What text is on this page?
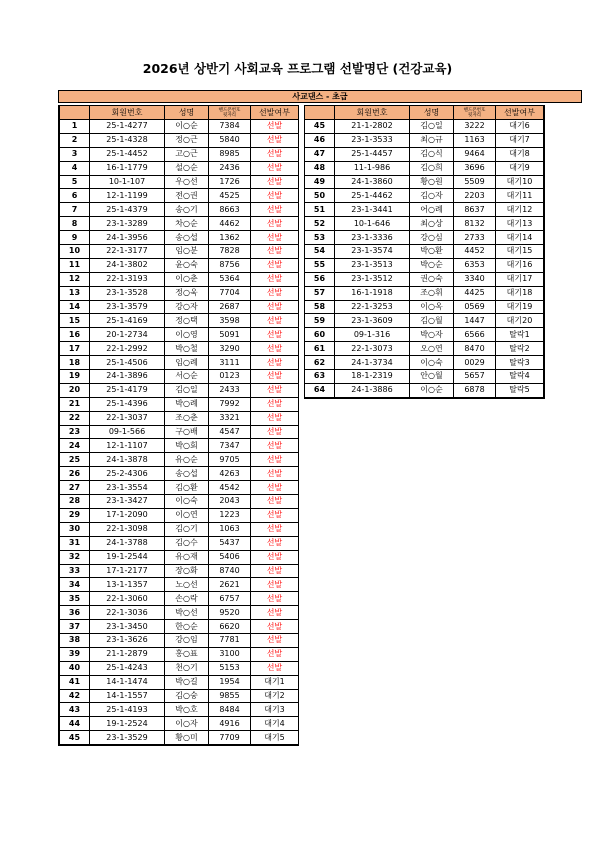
2026년 상반기 사회교육 프로그램 선발명단 (건강교육)
사교댄스 - 초급
	회원번호	성명	핸드폰번호
뒷자리	선발여부
1	25-1-4277	이○순	7384	선발
2	25-1-4328	정○근	5840	선발
3	25-1-4452	고○근	8985	선발
4	16-1-1779	설○순	2436	선발
5	10-1-107	우○선	1726	선발
6	12-1-1199	전○권	4525	선발
7	25-1-4379	송○기	8663	선발
8	23-1-3289	차○순	4462	선발
9	24-1-3956	송○섭	1362	선발
10	22-1-3177	임○분	7828	선발
11	24-1-3802	윤○숙	8756	선발
12	22-1-3193	이○춘	5364	선발
13	23-1-3528	정○욱	7704	선발
14	23-1-3579	강○자	2687	선발
15	25-1-4169	정○택	3598	선발
16	20-1-2734	이○영	5091	선발
17	22-1-2992	박○철	3290	선발
18	25-1-4506	임○례	3111	선발
19	24-1-3896	서○순	0123	선발
20	25-1-4179	김○일	2433	선발
21	25-1-4396	박○례	7992	선발
22	22-1-3037	조○춘	3321	선발
23	09-1-566	구○배	4547	선발
24	12-1-1107	박○회	7347	선발
25	24-1-3878	유○순	9705	선발
26	25-2-4306	송○섭	4263	선발
27	23-1-3554	김○환	4542	선발
28	23-1-3427	이○숙	2043	선발
29	17-1-2090	이○연	1223	선발
30	22-1-3098	김○기	1063	선발
31	24-1-3788	김○수	5437	선발
32	19-1-2544	유○재	5406	선발
33	17-1-2177	장○화	8740	선발
34	13-1-1357	노○선	2621	선발
35	22-1-3060	손○락	6757	선발
36	22-1-3036	박○선	9520	선발
37	23-1-3450	한○순	6620	선발
38	23-1-3626	강○임	7781	선발
39	21-1-2879	홍○표	3100	선발
40	25-1-4243	천○기	5153	선발
41	14-1-1474	박○길	1954	대기1
42	14-1-1557	김○숭	9855	대기2
43	25-1-4193	박○호	8484	대기3
44	19-1-2524	이○자	4916	대기4
45	23-1-3529	황○미	7709	대기5
	회원번호	성명	핸드폰번호
뒷자리	선발여부
45	21-1-2802	김○일	3222	대기6
46	23-1-3533	최○규	1163	대기7
47	25-1-4457	김○식	9464	대기8
48	11-1-986	김○희	3696	대기9
49	24-1-3860	황○원	5509	대기10
50	25-1-4462	김○자	2203	대기11
51	23-1-3441	어○례	8637	대기12
52	10-1-646	최○상	8132	대기13
53	23-1-3336	강○심	2733	대기14
54	23-1-3574	박○환	4452	대기15
55	23-1-3513	박○순	6353	대기16
56	23-1-3512	권○숙	3340	대기17
57	16-1-1918	조○휘	4425	대기18
58	22-1-3253	이○옥	0569	대기19
59	23-1-3609	김○월	1447	대기20
60	09-1-316	박○자	6566	탈락1
61	22-1-3073	오○연	8470	탈락2
62	24-1-3734	이○숙	0029	탈락3
63	18-1-2319	안○월	5657	탈락4
64	24-1-3886	이○순	6878	탈락5
